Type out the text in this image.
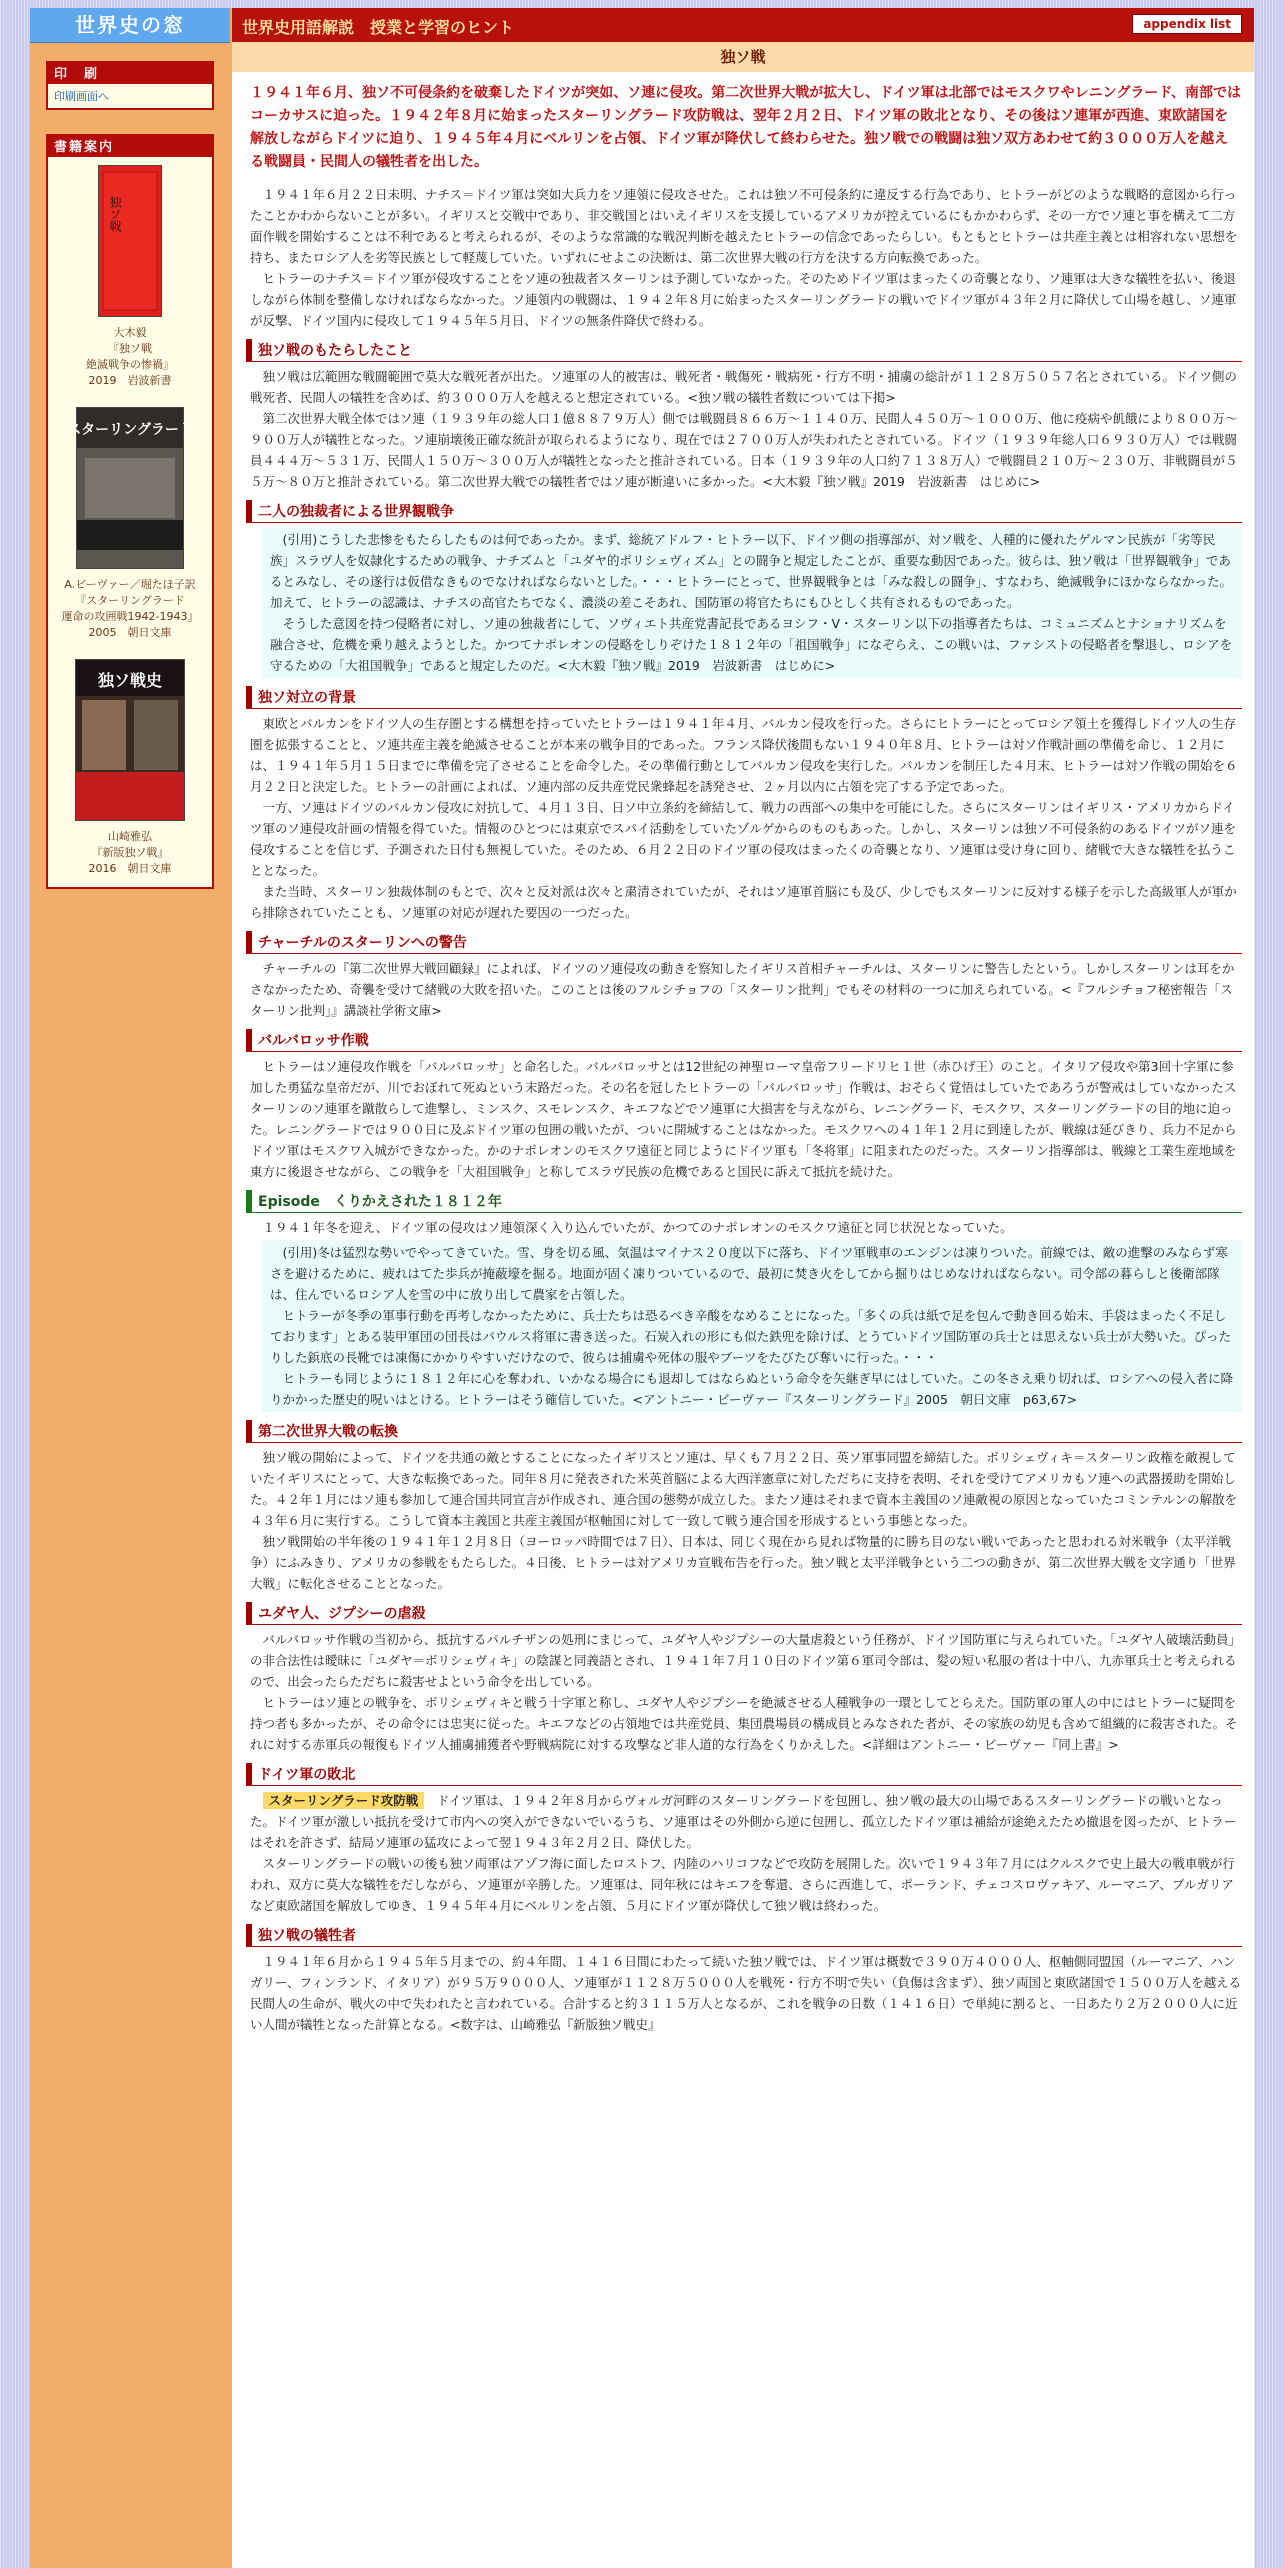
世界史の窓
印　刷
印刷画面へ
書籍案内
独ソ戦
大木毅
『独ソ戦
絶滅戦争の惨禍』
2019　岩波新書
スターリングラード
A.ビーヴァー／堀たほ子訳
『スターリングラード
運命の攻囲戦1942-1943』
2005　朝日文庫
独ソ戦史
山崎雅弘
『新版独ソ戦』
2016　朝日文庫
世界史用語解説　授業と学習のヒント	appendix list
独ソ戦
１９４１年６月、独ソ不可侵条約を破棄したドイツが突如、ソ連に侵攻。第二次世界大戦が拡大し、ドイツ軍は北部ではモスクワやレニングラード、南部ではコーカサスに迫った。１９４２年８月に始まったスターリングラード攻防戦は、翌年２月２日、ドイツ軍の敗北となり、その後はソ連軍が西進、東欧諸国を解放しながらドイツに迫り、１９４５年４月にベルリンを占領、ドイツ軍が降伏して終わらせた。独ソ戦での戦闘は独ソ双方あわせて約３０００万人を越える戦闘員・民間人の犠牲者を出した。

１９４１年６月２２日未明、ナチス＝ドイツ軍は突如大兵力をソ連領に侵攻させた。これは独ソ不可侵条約に違反する行為であり、ヒトラーがどのような戦略的意図から行ったことかわからないことが多い。イギリスと交戦中であり、非交戦国とはいえイギリスを支援しているアメリカが控えているにもかかわらず、その一方でソ連と事を構えて二方面作戦を開始することは不利であると考えられるが、そのような常識的な戦況判断を越えたヒトラーの信念であったらしい。もともとヒトラーは共産主義とは相容れない思想を持ち、またロシア人を劣等民族として軽蔑していた。いずれにせよこの決断は、第二次世界大戦の行方を決する方向転換であった。

ヒトラーのナチス＝ドイツ軍が侵攻することをソ連の独裁者スターリンは予測していなかった。そのためドイツ軍はまったくの奇襲となり、ソ連軍は大きな犠牲を払い、後退しながら体制を整備しなければならなかった。ソ連領内の戦闘は、１９４２年８月に始まったスターリングラードの戦いでドイツ軍が４３年２月に降伏して山場を越し、ソ連軍が反撃、ドイツ国内に侵攻して１９４５年５月日、ドイツの無条件降伏で終わる。

独ソ戦のもたらしたこと

独ソ戦は広範囲な戦闘範囲で莫大な戦死者が出た。ソ連軍の人的被害は、戦死者・戦傷死・戦病死・行方不明・捕虜の総計が１１２８万５０５７名とされている。ドイツ側の戦死者、民間人の犠牲を含めば、約３０００万人を越えると想定されている。<独ソ戦の犠牲者数については下掲>

第二次世界大戦全体ではソ連（１９３９年の総人口１億８８７９万人）側では戦闘員８６６万～１１４０万、民間人４５０万～１０００万、他に疫病や飢餓により８００万～９００万人が犠牲となった。ソ連崩壊後正確な統計が取られるようになり、現在では２７００万人が失われたとされている。ドイツ（１９３９年総人口６９３０万人）では戦闘員４４４万～５３１万、民間人１５０万～３００万人が犠牲となったと推計されている。日本（１９３９年の人口約７１３８万人）で戦闘員２１０万～２３０万、非戦闘員が５５万～８０万と推計されている。第二次世界大戦での犠牲者ではソ連が断違いに多かった。<大木毅『独ソ戦』2019　岩波新書　はじめに>

二人の独裁者による世界観戦争

(引用)こうした悲惨をもたらしたものは何であったか。まず、総統アドルフ・ヒトラー以下、ドイツ側の指導部が、対ソ戦を、人種的に優れたゲルマン民族が「劣等民族」スラヴ人を奴隷化するための戦争、ナチズムと「ユダヤ的ボリシェヴィズム」との闘争と規定したことが、重要な動因であった。彼らは、独ソ戦は「世界観戦争」であるとみなし、その遂行は仮借なきものでなければならないとした。・・・ヒトラーにとって、世界観戦争とは「みな殺しの闘争」、すなわち、絶滅戦争にほかならなかった。加えて、ヒトラーの認識は、ナチスの高官たちでなく、濃淡の差こそあれ、国防軍の将官たちにもひとしく共有されるものであった。

そうした意図を持つ侵略者に対し、ソ連の独裁者にして、ソヴィエト共産党書記長であるヨシフ・V・スターリン以下の指導者たちは、コミュニズムとナショナリズムを融合させ、危機を乗り越えようとした。かつてナポレオンの侵略をしりぞけた１８１２年の「祖国戦争」になぞらえ、この戦いは、ファシストの侵略者を撃退し、ロシアを守るための「大祖国戦争」であると規定したのだ。<大木毅『独ソ戦』2019　岩波新書　はじめに>

独ソ対立の背景

東欧とバルカンをドイツ人の生存圏とする構想を持っていたヒトラーは１９４１年４月、バルカン侵攻を行った。さらにヒトラーにとってロシア領土を獲得しドイツ人の生存圏を拡張することと、ソ連共産主義を絶滅させることが本来の戦争目的であった。フランス降伏後間もない１９４０年８月、ヒトラーは対ソ作戦計画の準備を命じ、１２月には、１９４１年５月１５日までに準備を完了させることを命令した。その準備行動としてバルカン侵攻を実行した。バルカンを制圧した４月末、ヒトラーは対ソ作戦の開始を６月２２日と決定した。ヒトラーの計画によれば、ソ連内部の反共産党民衆蜂起を誘発させ、２ヶ月以内に占領を完了する予定であった。

一方、ソ連はドイツのバルカン侵攻に対抗して、４月１３日、日ソ中立条約を締結して、戦力の西部への集中を可能にした。さらにスターリンはイギリス・アメリカからドイツ軍のソ連侵攻計画の情報を得ていた。情報のひとつには東京でスパイ活動をしていたゾルゲからのものもあった。しかし、スターリンは独ソ不可侵条約のあるドイツがソ連を侵攻することを信じず、予測された日付も無視していた。そのため、６月２２日のドイツ軍の侵攻はまったくの奇襲となり、ソ連軍は受け身に回り、緒戦で大きな犠牲を払うこととなった。

また当時、スターリン独裁体制のもとで、次々と反対派は次々と粛清されていたが、それはソ連軍首脳にも及び、少しでもスターリンに反対する様子を示した高級軍人が軍から排除されていたことも、ソ連軍の対応が遅れた要因の一つだった。

チャーチルのスターリンへの警告

チャーチルの『第二次世界大戦回顧録』によれば、ドイツのソ連侵攻の動きを察知したイギリス首相チャーチルは、スターリンに警告したという。しかしスターリンは耳をかさなかったため、奇襲を受けて緒戦の大敗を招いた。このことは後のフルシチョフの「スターリン批判」でもその材料の一つに加えられている。<『フルシチョフ秘密報告「スターリン批判」』講談社学術文庫>

バルバロッサ作戦

ヒトラーはソ連侵攻作戦を「バルバロッサ」と命名した。バルバロッサとは12世紀の神聖ローマ皇帝フリードリヒ１世（赤ひげ王）のこと。イタリア侵攻や第3回十字軍に参加した勇猛な皇帝だが、川でおぼれて死ぬという末路だった。その名を冠したヒトラーの「バルバロッサ」作戦は、おそらく覚悟はしていたであろうが警戒はしていなかったスターリンのソ連軍を蹴散らして進撃し、ミンスク、スモレンスク、キエフなどでソ連軍に大損害を与えながら、レニングラード、モスクワ、スターリングラードの目的地に迫った。レニングラードでは９００日に及ぶドイツ軍の包囲の戦いたが、ついに開城することはなかった。モスクワへの４１年１２月に到達したが、戦線は延びきり、兵力不足からドイツ軍はモスクワ入城ができなかった。かのナポレオンのモスクワ遠征と同じようにドイツ軍も「冬将軍」に阻まれたのだった。スターリン指導部は、戦線と工業生産地域を東方に後退させながら、この戦争を「大祖国戦争」と称してスラヴ民族の危機であると国民に訴えて抵抗を続けた。

Episode　くりかえされた１８１２年

１９４１年冬を迎え、ドイツ軍の侵攻はソ連領深く入り込んでいたが、かつてのナポレオンのモスクワ遠征と同じ状況となっていた。

(引用)冬は猛烈な勢いでやってきていた。雪、身を切る風、気温はマイナス２０度以下に落ち、ドイツ軍戦車のエンジンは凍りついた。前線では、敵の進撃のみならず寒さを避けるために、疲れはてた歩兵が掩蔽壕を掘る。地面が固く凍りついているので、最初に焚き火をしてから掘りはじめなければならない。司令部の暮らしと後衛部隊は、住んでいるロシア人を雪の中に放り出して農家を占領した。

ヒトラーが冬季の軍事行動を再考しなかったために、兵士たちは恐るべき辛酸をなめることになった。「多くの兵は紙で足を包んで動き回る始末、手袋はまったく不足しております」とある装甲軍団の団長はパウルス将軍に書き送った。石炭入れの形にも似た鉄兜を除けば、とうていドイツ国防軍の兵士とは思えない兵士が大勢いた。ぴったりした鋲底の長靴では凍傷にかかりやすいだけなので、彼らは捕虜や死体の服やブーツをたびたび奪いに行った。・・・

ヒトラーも同じように１８１２年に心を奪われ、いかなる場合にも退却してはならぬという命令を矢継ぎ早にはしていた。この冬さえ乗り切れば、ロシアへの侵入者に降りかかった歴史的呪いはとける。ヒトラーはそう確信していた。<アントニー・ビーヴァー『スターリングラード』2005　朝日文庫　p63,67>

第二次世界大戦の転換

独ソ戦の開始によって、ドイツを共通の敵とすることになったイギリスとソ連は、早くも７月２２日、英ソ軍事同盟を締結した。ボリシェヴィキ＝スターリン政権を敵視していたイギリスにとって、大きな転換であった。同年８月に発表された米英首脳による大西洋憲章に対しただちに支持を表明、それを受けてアメリカもソ連への武器援助を開始した。４２年１月にはソ連も参加して連合国共同宣言が作成され、連合国の態勢が成立した。またソ連はそれまで資本主義国のソ連敵視の原因となっていたコミンテルンの解散を４３年６月に実行する。こうして資本主義国と共産主義国が枢軸国に対して一致して戦う連合国を形成するという事態となった。

独ソ戦開始の半年後の１９４１年１２月８日（ヨーロッパ時間では７日）、日本は、同じく現在から見れば物量的に勝ち目のない戦いであったと思われる対米戦争（太平洋戦争）にふみきり、アメリカの参戦をもたらした。４日後、ヒトラーは対アメリカ宣戦布告を行った。独ソ戦と太平洋戦争という二つの動きが、第二次世界大戦を文字通り「世界大戦」に転化させることとなった。

ユダヤ人、ジプシーの虐殺

バルバロッサ作戦の当初から、抵抗するパルチザンの処刑にまじって、ユダヤ人やジプシーの大量虐殺という任務が、ドイツ国防軍に与えられていた。「ユダヤ人破壊活動員」の非合法性は曖昧に「ユダヤ＝ボリシェヴィキ」の陰謀と同義語とされ、１９４１年７月１０日のドイツ第６軍司令部は、髪の短い私服の者は十中八、九赤軍兵士と考えられるので、出会ったらただちに殺害せよという命令を出している。

ヒトラーはソ連との戦争を、ボリシェヴィキと戦う十字軍と称し、ユダヤ人やジプシーを絶滅させる人種戦争の一環としてとらえた。国防軍の軍人の中にはヒトラーに疑問を持つ者も多かったが、その命令には忠実に従った。キエフなどの占領地では共産党員、集団農場員の構成員とみなされた者が、その家族の幼児も含めて組織的に殺害された。それに対する赤軍兵の報復もドイツ人捕虜捕獲者や野戦病院に対する攻撃など非人道的な行為をくりかえした。<詳細はアントニー・ビーヴァー『同上書』>

ドイツ軍の敗北

スターリングラード攻防戦　 ドイツ軍は、１９４２年８月からヴォルガ河畔のスターリングラードを包囲し、独ソ戦の最大の山場であるスターリングラードの戦いとなった。ドイツ軍が激しい抵抗を受けて市内への突入ができないでいるうち、ソ連軍はその外側から逆に包囲し、孤立したドイツ軍は補給が途絶えたため撤退を図ったが、ヒトラーはそれを許さず、結局ソ連軍の猛攻によって翌１９４３年２月２日、降伏した。

スターリングラードの戦いの後も独ソ両軍はアゾフ海に面したロストフ、内陸のハリコフなどで攻防を展開した。次いで１９４３年７月にはクルスクで史上最大の戦車戦が行われ、双方に莫大な犠牲をだしながら、ソ連軍が辛勝した。ソ連軍は、同年秋にはキエフを奪還、さらに西進して、ポーランド、チェコスロヴァキア、ルーマニア、ブルガリアなど東欧諸国を解放してゆき、１９４５年４月にベルリンを占領、５月にドイツ軍が降伏して独ソ戦は終わった。

独ソ戦の犠牲者

１９４１年６月から１９４５年５月までの、約４年間、１４１６日間にわたって続いた独ソ戦では、ドイツ軍は概数で３９０万４０００人、枢軸側同盟国（ルーマニア、ハンガリー、フィンランド、イタリア）が９５万９０００人、ソ連軍が１１２８万５０００人を戦死・行方不明で失い（負傷は含まず）、独ソ両国と東欧諸国で１５００万人を越える民間人の生命が、戦火の中で失われたと言われている。合計すると約３１１５万人となるが、これを戦争の日数（１４１６日）で単純に割ると、一日あたり２万２０００人に近い人間が犠牲となった計算となる。<数字は、山崎雅弘『新版独ソ戦史』
